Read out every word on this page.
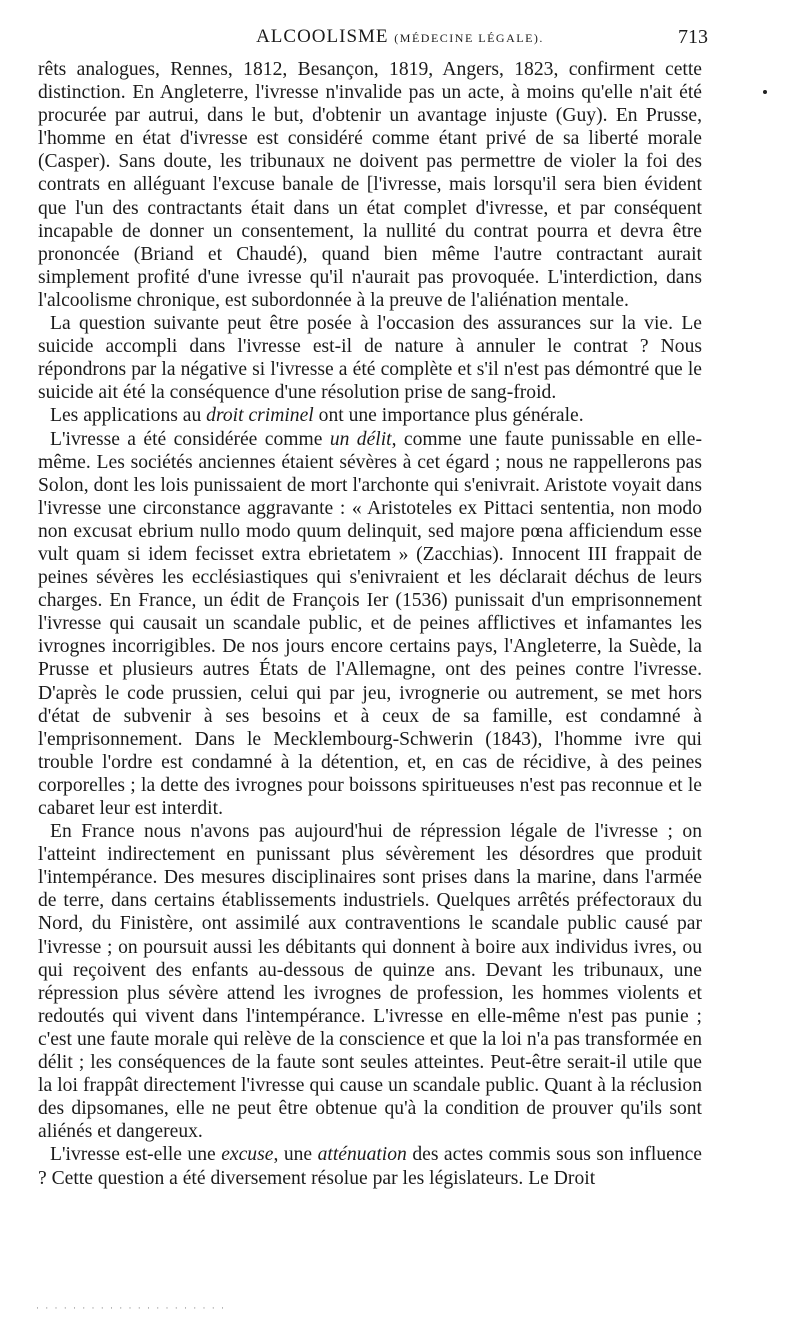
ALCOOLISME (MÉDECINE LÉGALE).	713

rêts analogues, Rennes, 1812, Besançon, 1819, Angers, 1823, confirment cette distinction. En Angleterre, l'ivresse n'invalide pas un acte, à moins qu'elle n'ait été procurée par autrui, dans le but, d'obtenir un avantage injuste (Guy). En Prusse, l'homme en état d'ivresse est considéré comme étant privé de sa liberté morale (Casper). Sans doute, les tribunaux ne doivent pas permettre de violer la foi des contrats en alléguant l'excuse banale de [l'ivresse, mais lorsqu'il sera bien évident que l'un des contractants était dans un état complet d'ivresse, et par conséquent incapable de donner un consentement, la nullité du contrat pourra et devra être prononcée (Briand et Chaudé), quand bien même l'autre contractant aurait simplement profité d'une ivresse qu'il n'aurait pas provoquée. L'interdiction, dans l'alcoolisme chronique, est subordonnée à la preuve de l'aliénation mentale.

La question suivante peut être posée à l'occasion des assurances sur la vie. Le suicide accompli dans l'ivresse est-il de nature à annuler le contrat ? Nous répondrons par la négative si l'ivresse a été complète et s'il n'est pas démontré que le suicide ait été la conséquence d'une résolution prise de sang-froid.

Les applications au droit criminel ont une importance plus générale.

L'ivresse a été considérée comme un délit, comme une faute punissable en elle-même. Les sociétés anciennes étaient sévères à cet égard ; nous ne rappellerons pas Solon, dont les lois punissaient de mort l'archonte qui s'enivrait. Aristote voyait dans l'ivresse une circonstance aggravante : « Aristoteles ex Pittaci sententia, non modo non excusat ebrium nullo modo quum delinquit, sed majore pœna afficiendum esse vult quam si idem fecisset extra ebrietatem » (Zacchias). Innocent III frappait de peines sévères les ecclésiastiques qui s'enivraient et les déclarait déchus de leurs charges. En France, un édit de François Ier (1536) punissait d'un emprisonnement l'ivresse qui causait un scandale public, et de peines afflictives et infamantes les ivrognes incorrigibles. De nos jours encore certains pays, l'Angleterre, la Suède, la Prusse et plusieurs autres États de l'Allemagne, ont des peines contre l'ivresse. D'après le code prussien, celui qui par jeu, ivrognerie ou autrement, se met hors d'état de subvenir à ses besoins et à ceux de sa famille, est condamné à l'emprisonnement. Dans le Mecklembourg-Schwerin (1843), l'homme ivre qui trouble l'ordre est condamné à la détention, et, en cas de récidive, à des peines corporelles ; la dette des ivrognes pour boissons spiritueuses n'est pas reconnue et le cabaret leur est interdit.

En France nous n'avons pas aujourd'hui de répression légale de l'ivresse ; on l'atteint indirectement en punissant plus sévèrement les désordres que produit l'intempérance. Des mesures disciplinaires sont prises dans la marine, dans l'armée de terre, dans certains établissements industriels. Quelques arrêtés préfectoraux du Nord, du Finistère, ont assimilé aux contraventions le scandale public causé par l'ivresse ; on poursuit aussi les débitants qui donnent à boire aux individus ivres, ou qui reçoivent des enfants au-dessous de quinze ans. Devant les tribunaux, une répression plus sévère attend les ivrognes de profession, les hommes violents et redoutés qui vivent dans l'intempérance. L'ivresse en elle-même n'est pas punie ; c'est une faute morale qui relève de la conscience et que la loi n'a pas transformée en délit ; les conséquences de la faute sont seules atteintes. Peut-être serait-il utile que la loi frappât directement l'ivresse qui cause un scandale public. Quant à la réclusion des dipsomanes, elle ne peut être obtenue qu'à la condition de prouver qu'ils sont aliénés et dangereux.

L'ivresse est-elle une excuse, une atténuation des actes commis sous son influence ? Cette question a été diversement résolue par les législateurs. Le Droit

· · · · · · · · · · · · · · · · · · · · ·
